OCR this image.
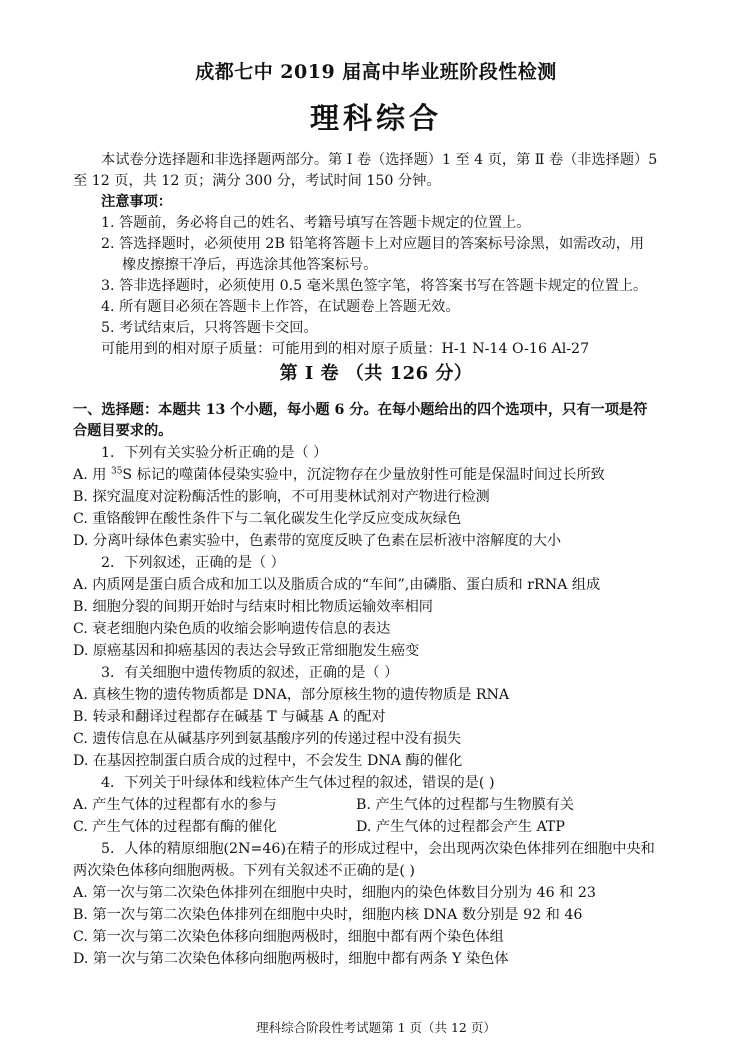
成都七中 2019 届高中毕业班阶段性检测
理科综合
本试卷分选择题和非选择题两部分。第 Ⅰ 卷（选择题）1 至 4 页，第 Ⅱ 卷（非选择题）5
至 12 页，共 12 页；满分 300 分，考试时间 150 分钟。
注意事项：
1. 答题前，务必将自己的姓名、考籍号填写在答题卡规定的位置上。
2. 答选择题时，必须使用 2B 铅笔将答题卡上对应题目的答案标号涂黑，如需改动，用
橡皮擦擦干净后，再选涂其他答案标号。
3. 答非选择题时，必须使用 0.5 毫米黑色签字笔，将答案书写在答题卡规定的位置上。
4. 所有题目必须在答题卡上作答，在试题卷上答题无效。
5. 考试结束后，只将答题卡交回。
可能用到的相对原子质量：可能用到的相对原子质量：H-1 N-14 O-16 Al-27
第 Ⅰ 卷 （共 126 分）
一、选择题：本题共 13 个小题，每小题 6 分。在每小题给出的四个选项中，只有一项是符
合题目要求的。
1．下列有关实验分析正确的是（ ）
A. 用 $^{35}$S 标记的噬菌体侵染实验中，沉淀物存在少量放射性可能是保温时间过长所致
B. 探究温度对淀粉酶活性的影响，不可用斐林试剂对产物进行检测
C. 重铬酸钾在酸性条件下与二氧化碳发生化学反应变成灰绿色
D. 分离叶绿体色素实验中，色素带的宽度反映了色素在层析液中溶解度的大小
2．下列叙述，正确的是（ ）
A. 内质网是蛋白质合成和加工以及脂质合成的“车间”,由磷脂、蛋白质和 rRNA 组成
B. 细胞分裂的间期开始时与结束时相比物质运输效率相同
C. 衰老细胞内染色质的收缩会影响遗传信息的表达
D. 原癌基因和抑癌基因的表达会导致正常细胞发生癌变
3．有关细胞中遗传物质的叙述，正确的是（ ）
A. 真核生物的遗传物质都是 DNA，部分原核生物的遗传物质是 RNA
B. 转录和翻译过程都存在碱基 T 与碱基 A 的配对
C. 遗传信息在从碱基序列到氨基酸序列的传递过程中没有损失
D. 在基因控制蛋白质合成的过程中，不会发生 DNA 酶的催化
4．下列关于叶绿体和线粒体产生气体过程的叙述，错误的是( )
A. 产生气体的过程都有水的参与	B. 产生气体的过程都与生物膜有关
C. 产生气体的过程都有酶的催化	D. 产生气体的过程都会产生 ATP
5．人体的精原细胞(2N=46)在精子的形成过程中，会出现两次染色体排列在细胞中央和
两次染色体移向细胞两极。下列有关叙述不正确的是( )
A. 第一次与第二次染色体排列在细胞中央时，细胞内的染色体数目分别为 46 和 23
B. 第一次与第二次染色体排列在细胞中央时，细胞内核 DNA 数分别是 92 和 46
C. 第一次与第二次染色体移向细胞两极时，细胞中都有两个染色体组
D. 第一次与第二次染色体移向细胞两极时，细胞中都有两条 Y 染色体
理科综合阶段性考试题第 1 页（共 12 页）
